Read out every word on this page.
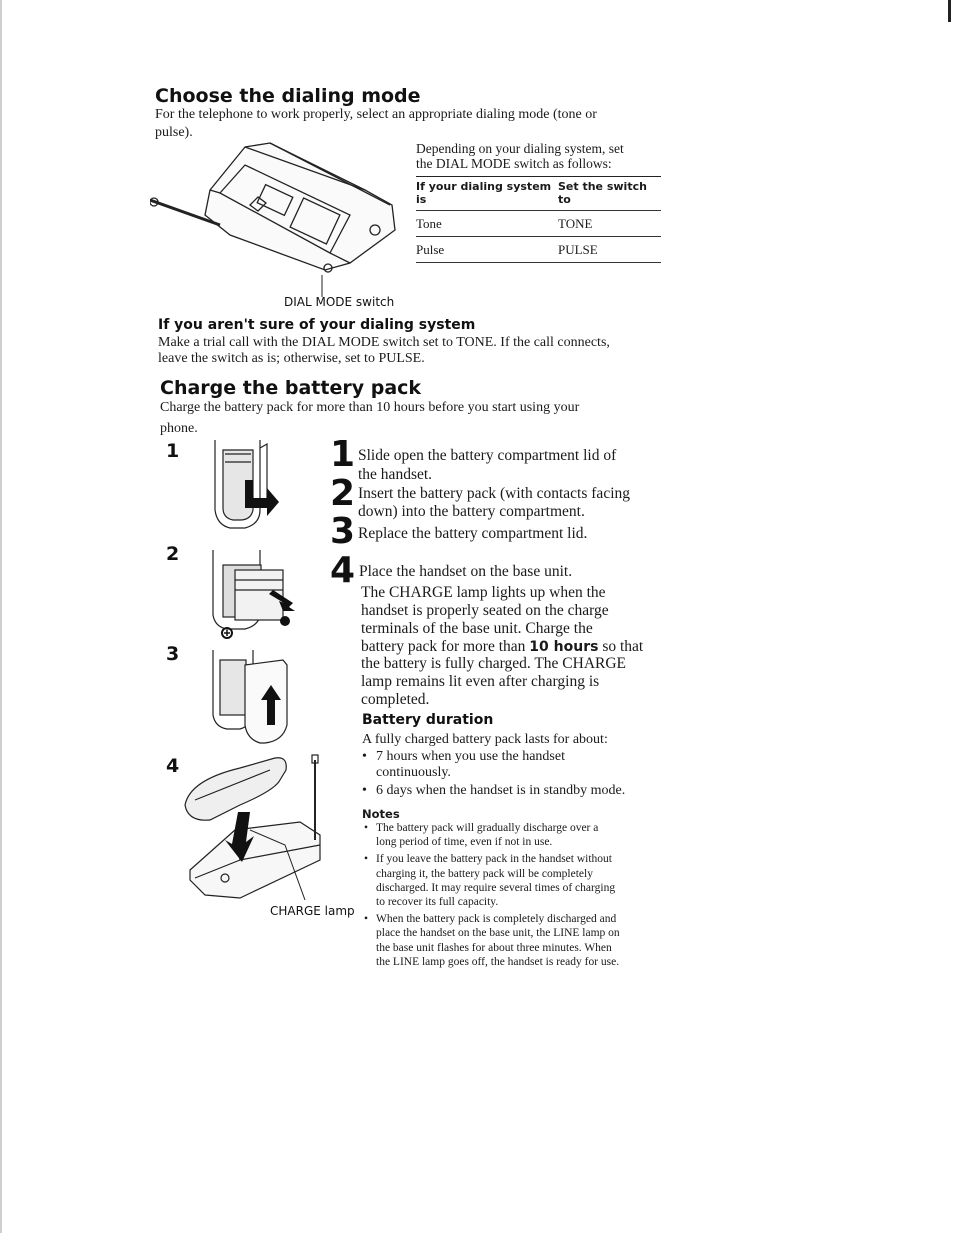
Choose the dialing mode
For the telephone to work properly, select an appropriate dialing mode (tone or
pulse).
DIAL MODE switch
Depending on your dialing system, set
the DIAL MODE switch as follows:
If your dialing system is	Set the switch to
Tone	TONE
Pulse	PULSE
If you aren't sure of your dialing system
Make a trial call with the DIAL MODE switch set to TONE. If the call connects,
leave the switch as is; otherwise, set to PULSE.
Charge the battery pack
Charge the battery pack for more than 10 hours before you start using your
phone.
1
2
3
4
CHARGE lamp
1
2
3
4
Slide open the battery compartment lid of
the handset.
Insert the battery pack (with contacts facing
down) into the battery compartment.
Replace the battery compartment lid.
Place the handset on the base unit.
The CHARGE lamp lights up when the
handset is properly seated on the charge
terminals of the base unit. Charge the
battery pack for more than 10 hours so that
the battery is fully charged. The CHARGE
lamp remains lit even after charging is
completed.
Battery duration
A fully charged battery pack lasts for about:
• 7 hours when you use the handset
continuously.
• 6 days when the handset is in standby mode.
Notes
• The battery pack will gradually discharge over a
long period of time, even if not in use.
• If you leave the battery pack in the handset without
charging it, the battery pack will be completely
discharged. It may require several times of charging
to recover its full capacity.
• When the battery pack is completely discharged and
place the handset on the base unit, the LINE lamp on
the base unit flashes for about three minutes. When
the LINE lamp goes off, the handset is ready for use.
